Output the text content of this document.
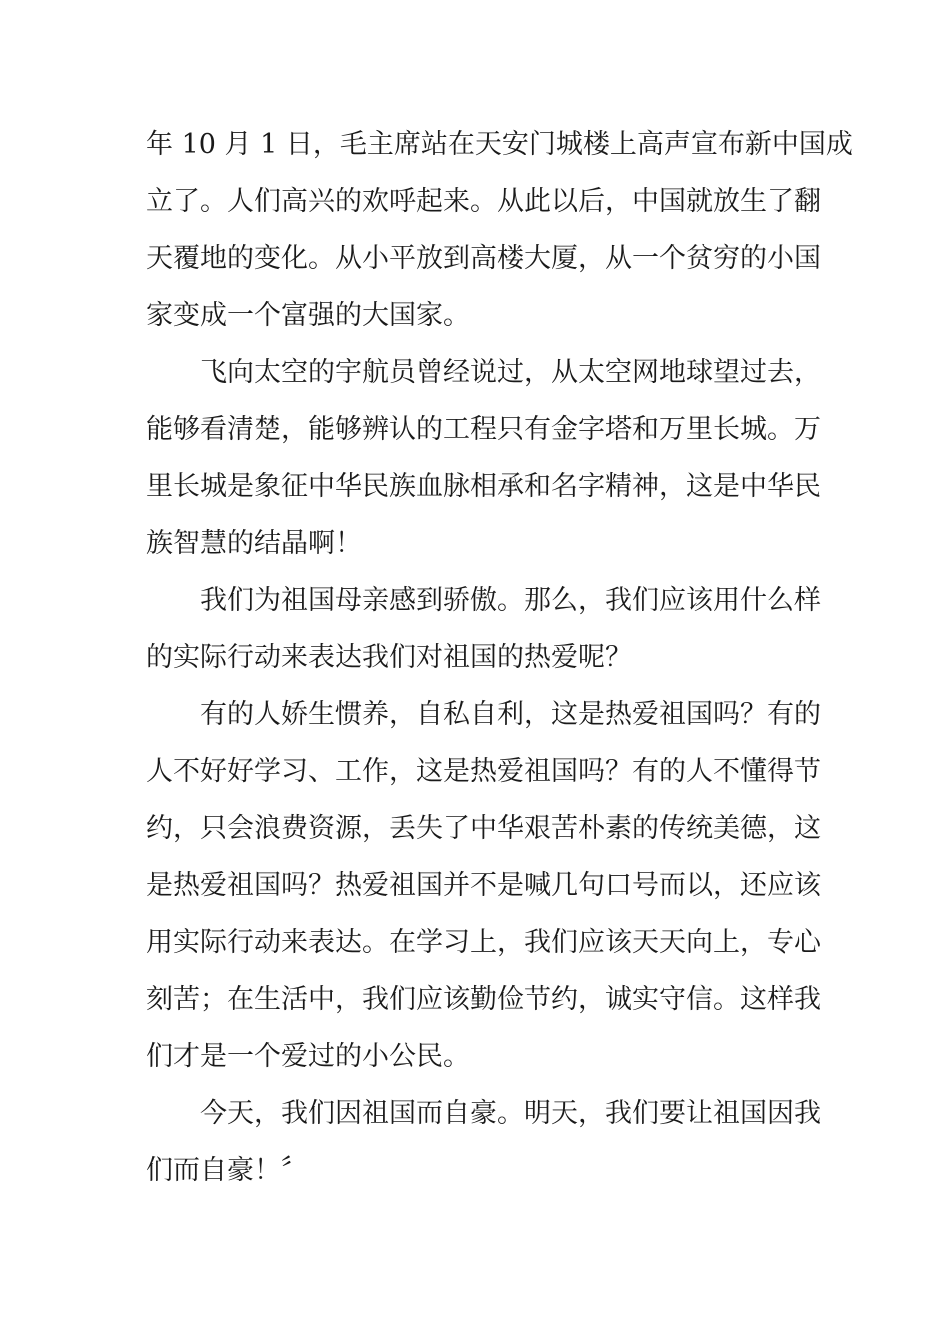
年 10 月 1 日，毛主席站在天安门城楼上高声宣布新中国成
立了。人们高兴的欢呼起来。从此以后，中国就放生了翻
天覆地的变化。从小平放到高楼大厦，从一个贫穷的小国
家变成一个富强的大国家。
飞向太空的宇航员曾经说过，从太空网地球望过去，
能够看清楚，能够辨认的工程只有金字塔和万里长城。万
里长城是象征中华民族血脉相承和名字精神，这是中华民
族智慧的结晶啊！
我们为祖国母亲感到骄傲。那么，我们应该用什么样
的实际行动来表达我们对祖国的热爱呢？
有的人娇生惯养，自私自利，这是热爱祖国吗？有的
人不好好学习、工作，这是热爱祖国吗？有的人不懂得节
约，只会浪费资源，丢失了中华艰苦朴素的传统美德，这
是热爱祖国吗？热爱祖国并不是喊几句口号而以，还应该
用实际行动来表达。在学习上，我们应该天天向上，专心
刻苦；在生活中，我们应该勤俭节约，诚实守信。这样我
们才是一个爱过的小公民。
今天，我们因祖国而自豪。明天，我们要让祖国因我
们而自豪！〞
